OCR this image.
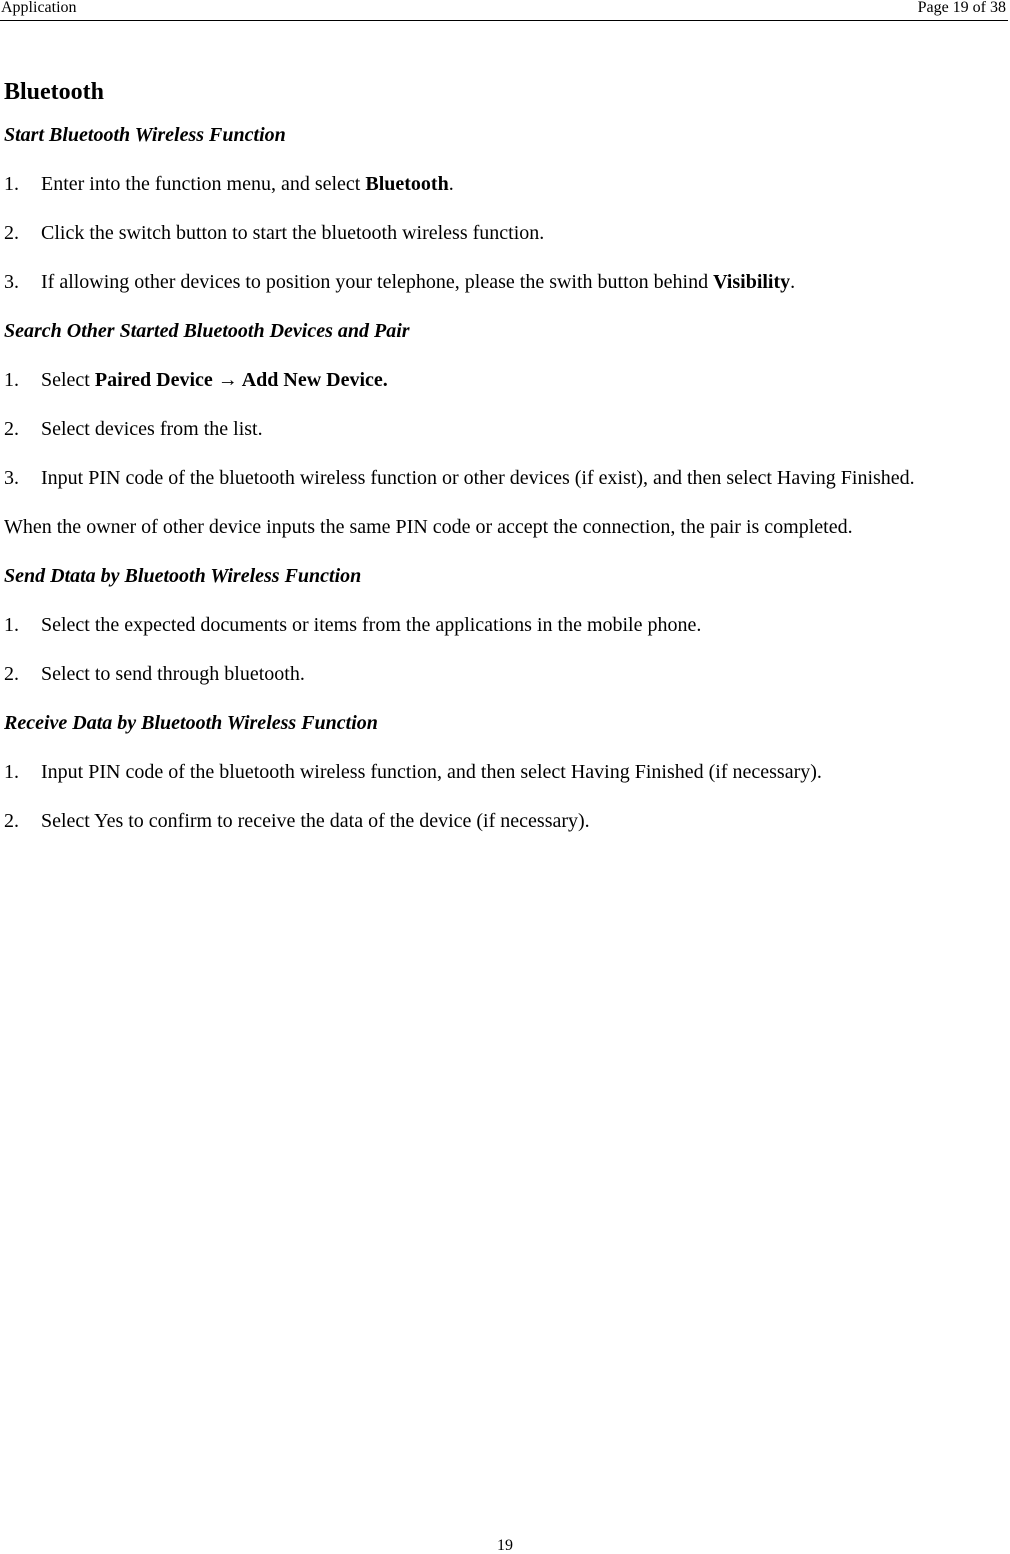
Application	Page 19 of 38
Bluetooth
Start Bluetooth Wireless Function
1. Enter into the function menu, and select Bluetooth.
2. Click the switch button to start the bluetooth wireless function.
3. If allowing other devices to position your telephone, please the swith button behind Visibility.
Search Other Started Bluetooth Devices and Pair
1. Select Paired Device → Add New Device.
2. Select devices from the list.
3. Input PIN code of the bluetooth wireless function or other devices (if exist), and then select Having Finished.
When the owner of other device inputs the same PIN code or accept the connection, the pair is completed.
Send Dtata by Bluetooth Wireless Function
1. Select the expected documents or items from the applications in the mobile phone.
2. Select to send through bluetooth.
Receive Data by Bluetooth Wireless Function
1. Input PIN code of the bluetooth wireless function, and then select Having Finished (if necessary).
2. Select Yes to confirm to receive the data of the device (if necessary).
19
